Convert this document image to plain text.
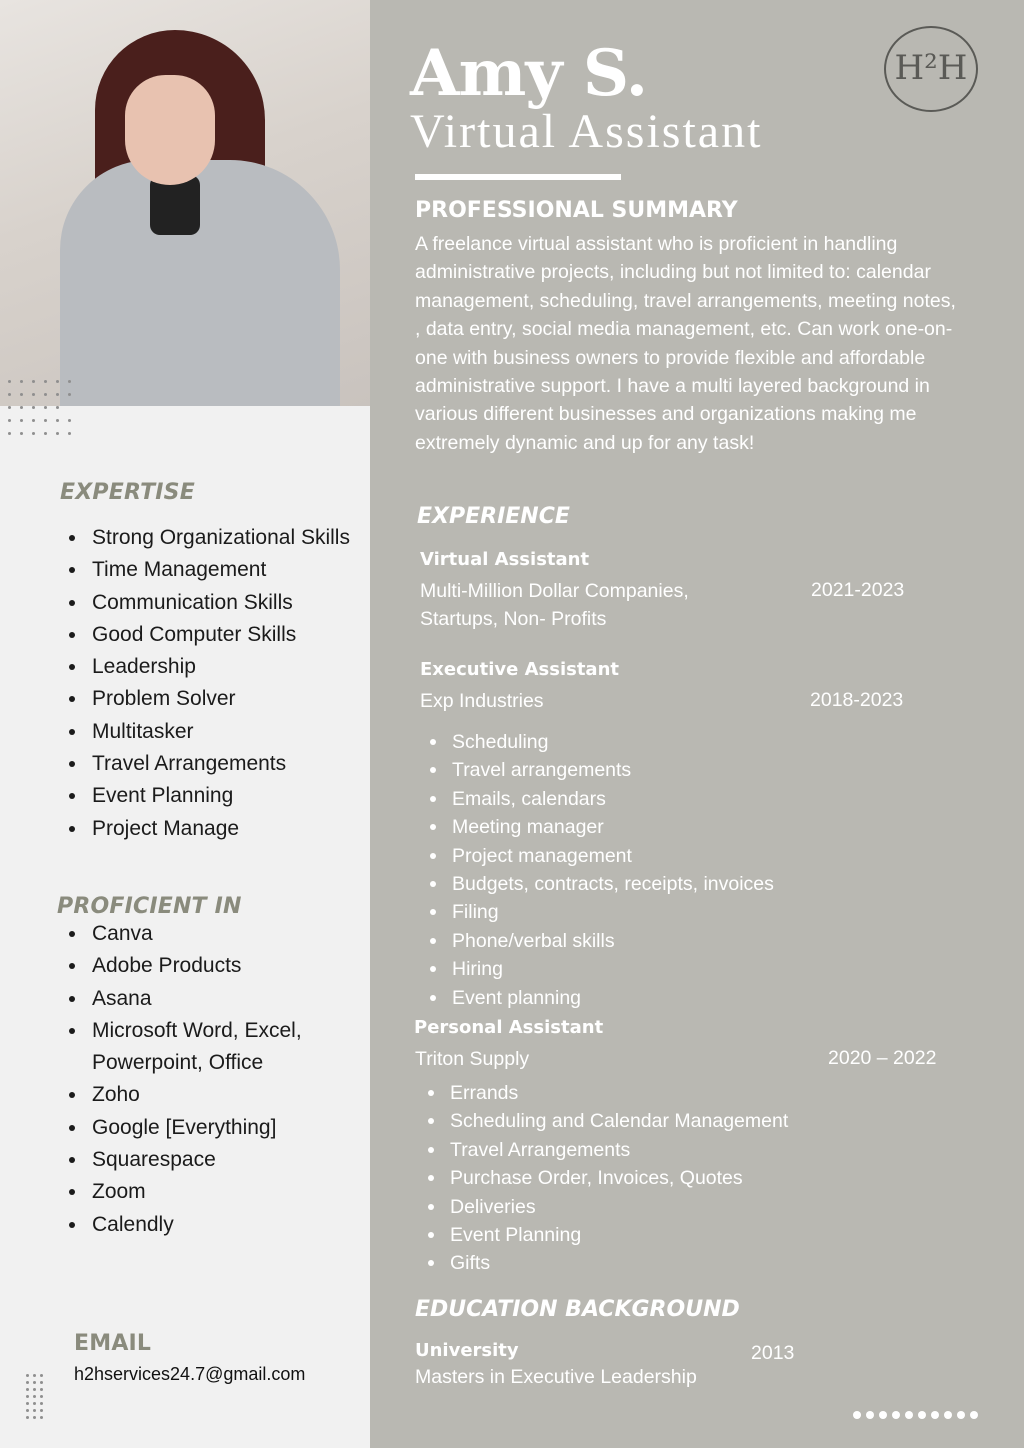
EXPERTISE
Strong Organizational Skills
Time Management
Communication Skills
Good Computer Skills
Leadership
Problem Solver
Multitasker
Travel Arrangements
Event Planning
Project Manage
PROFICIENT IN
Canva
Adobe Products
Asana
Microsoft Word, Excel, Powerpoint, Office
Zoho
Google [Everything]
Squarespace
Zoom
Calendly
EMAIL
h2hservices24.7@gmail.com
Amy S.
Virtual Assistant
H²H
PROFESSIONAL SUMMARY
A freelance virtual assistant who is proficient in handling administrative projects, including but not limited to: calendar management, scheduling, travel arrangements, meeting notes, , data entry, social media management, etc. Can work one-on-one with business owners to provide flexible and affordable administrative support. I have a multi layered background in various different businesses and organizations making me extremely dynamic and up for any task!
EXPERIENCE
Virtual Assistant
Multi-Million Dollar Companies, Startups, Non- Profits
2021-2023
Executive Assistant
Exp Industries	2018-2023
Scheduling
Travel arrangements
Emails, calendars
Meeting manager
Project management
Budgets, contracts, receipts, invoices
Filing
Phone/verbal skills
Hiring
Event planning
Personal Assistant
Triton Supply	2020 – 2022
Errands
Scheduling and Calendar Management
Travel Arrangements
Purchase Order, Invoices, Quotes
Deliveries
Event Planning
Gifts
EDUCATION BACKGROUND
University
Masters in Executive Leadership
2013
